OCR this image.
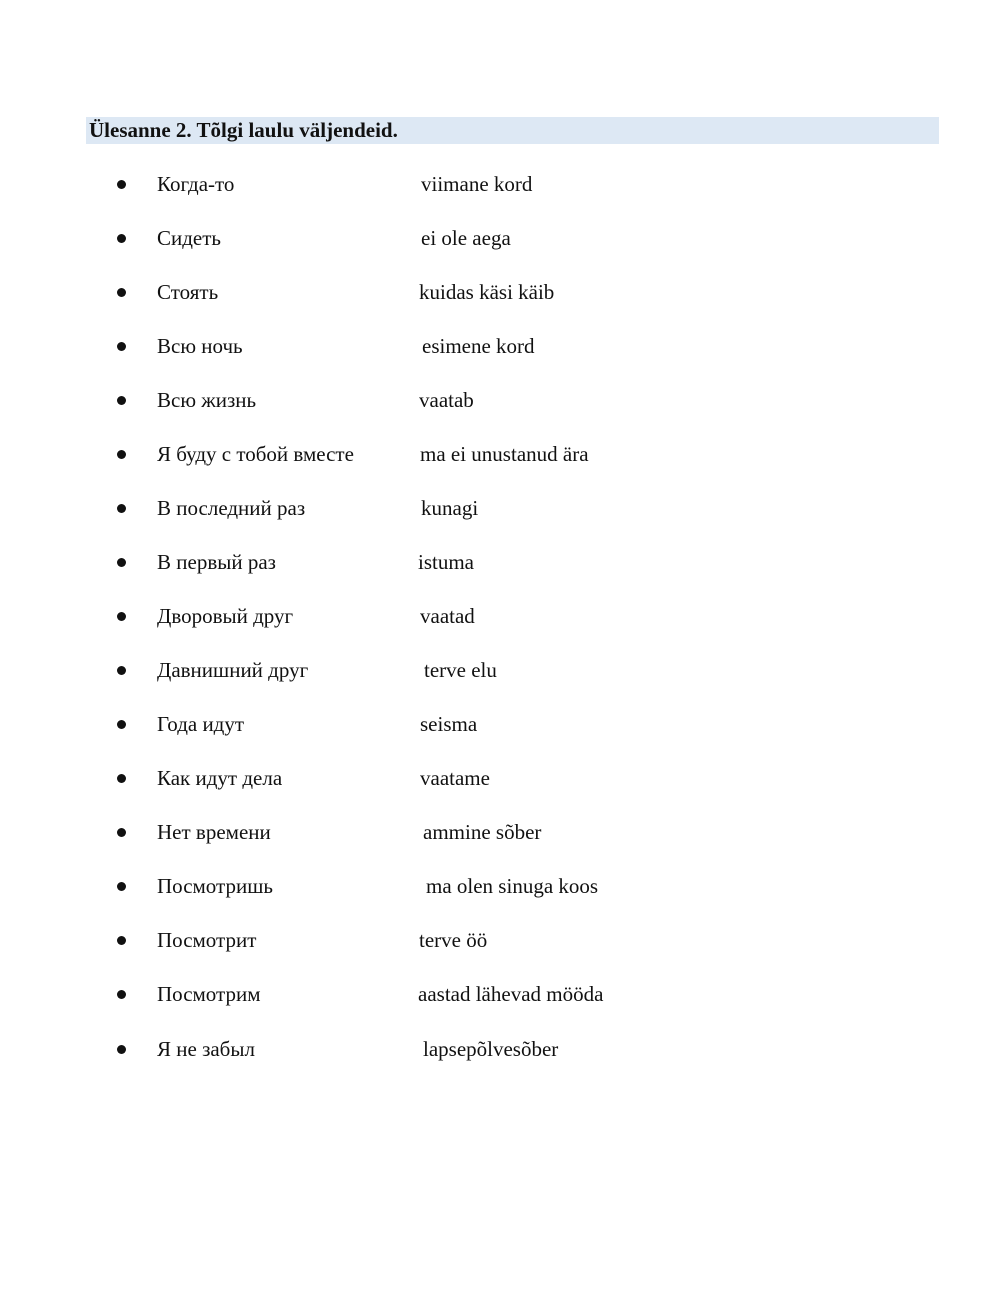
Ülesanne 2. Tõlgi laulu väljendeid.
Когда-то	viimane kord
Сидеть	ei ole aega
Стоять	kuidas käsi käib
Всю ночь	esimene kord
Всю жизнь	vaatab
Я буду с тобой вместе	ma ei unustanud ära
В последний раз	kunagi
В первый раз	istuma
Дворовый друг	vaatad
Давнишний друг	terve elu
Года идут	seisma
Как идут дела	vaatame
Нет времени	ammine sõber
Посмотришь	ma olen sinuga koos
Посмотрит	terve öö
Посмотрим	aastad lähevad mööda
Я не забыл	lapsepõlvesõber
